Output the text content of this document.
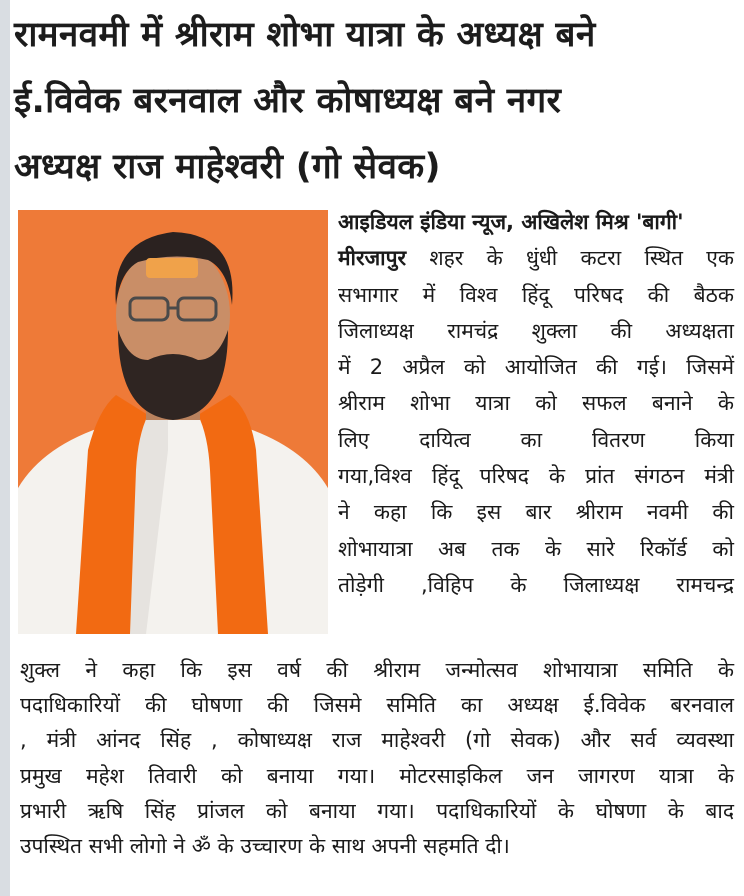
रामनवमी में श्रीराम शोभा यात्रा के अध्यक्ष बने
ई.विवेक बरनवाल और कोषाध्यक्ष बने नगर
अध्यक्ष राज माहेश्वरी (गो सेवक)
आइडियल इंडिया न्यूज, अखिलेश मिश्र 'बागी'
मीरजापुर शहर के धुंधी कटरा स्थित एक
सभागार में विश्व हिंदू परिषद की बैठक
जिलाध्यक्ष रामचंद्र शुक्ला की अध्यक्षता
में 2 अप्रैल को आयोजित की गई। जिसमें
श्रीराम शोभा यात्रा को सफल बनाने के
लिए दायित्व का वितरण किया
गया,विश्व हिंदू परिषद के प्रांत संगठन मंत्री
ने कहा कि इस बार श्रीराम नवमी की
शोभायात्रा अब तक के सारे रिकॉर्ड को
तोड़ेगी ,विहिप के जिलाध्यक्ष रामचन्द्र
शुक्ल ने कहा कि इस वर्ष की श्रीराम जन्मोत्सव शोभायात्रा समिति के
पदाधिकारियों की घोषणा की जिसमे समिति का अध्यक्ष ई.विवेक बरनवाल
, मंत्री आंनद सिंह , कोषाध्यक्ष राज माहेश्वरी (गो सेवक) और सर्व व्यवस्था
प्रमुख महेश तिवारी को बनाया गया। मोटरसाइकिल जन जागरण यात्रा के
प्रभारी ऋषि सिंह प्रांजल को बनाया गया। पदाधिकारियों के घोषणा के बाद
उपस्थित सभी लोगो ने ॐ के उच्चारण के साथ अपनी सहमति दी।
